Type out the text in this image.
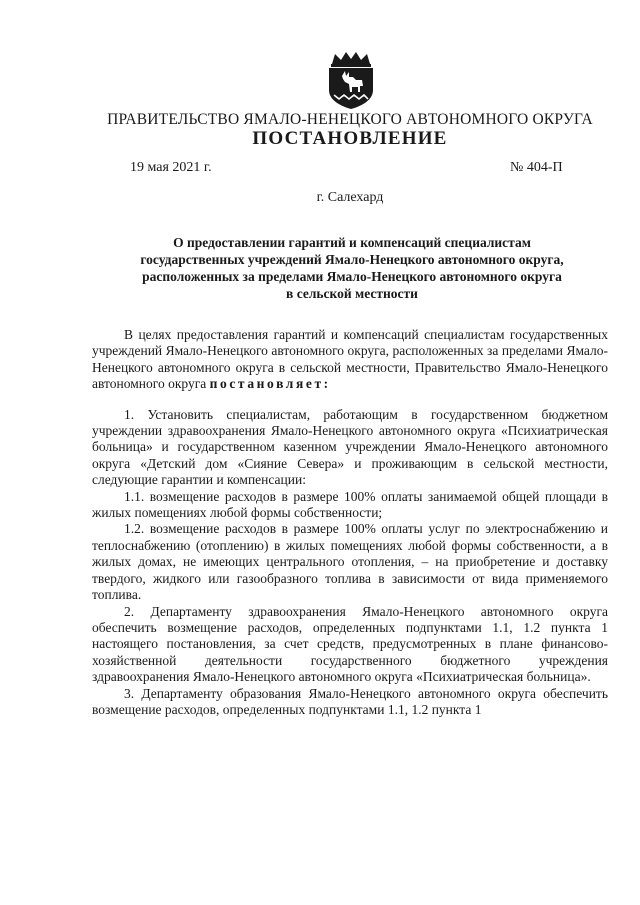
ПРАВИТЕЛЬСТВО ЯМАЛО-НЕНЕЦКОГО АВТОНОМНОГО ОКРУГА
ПОСТАНОВЛЕНИЕ
19 мая 2021 г.	№ 404-П
г. Салехард
О предоставлении гарантий и компенсаций специалистам
государственных учреждений Ямало-Ненецкого автономного округа,
расположенных за пределами Ямало-Ненецкого автономного округа
в сельской местности

В целях предоставления гарантий и компенсаций специалистам государственных учреждений Ямало-Ненецкого автономного округа, расположенных за пределами Ямало-Ненецкого автономного округа в сельской местности, Правительство Ямало-Ненецкого автономного округа постановляет:

1. Установить специалистам, работающим в государственном бюджетном учреждении здравоохранения Ямало-Ненецкого автономного округа «Психиатрическая больница» и государственном казенном учреждении Ямало-Ненецкого автономного округа «Детский дом «Сияние Севера» и проживающим в сельской местности, следующие гарантии и компенсации:

1.1. возмещение расходов в размере 100% оплаты занимаемой общей площади в жилых помещениях любой формы собственности;

1.2. возмещение расходов в размере 100% оплаты услуг по электроснабжению и теплоснабжению (отоплению) в жилых помещениях любой формы собственности, а в жилых домах, не имеющих центрального отопления, – на приобретение и доставку твердого, жидкого или газообразного топлива в зависимости от вида применяемого топлива.

2. Департаменту здравоохранения Ямало-Ненецкого автономного округа обеспечить возмещение расходов, определенных подпунктами 1.1, 1.2 пункта 1 настоящего постановления, за счет средств, предусмотренных в плане финансово-хозяйственной деятельности государственного бюджетного учреждения здравоохранения Ямало-Ненецкого автономного округа «Психиатрическая больница».

3. Департаменту образования Ямало-Ненецкого автономного округа обеспечить возмещение расходов, определенных подпунктами 1.1, 1.2 пункта 1
